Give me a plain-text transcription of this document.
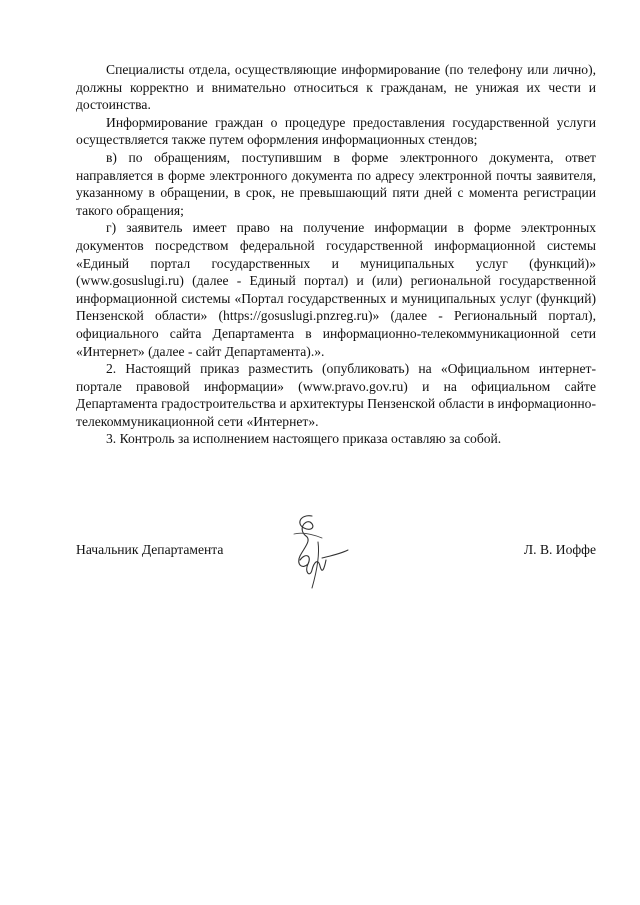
Специалисты отдела, осуществляющие информирование (по телефону или лично), должны корректно и внимательно относиться к гражданам, не унижая их чести и достоинства.

Информирование граждан о процедуре предоставления государственной услуги осуществляется также путем оформления информационных стендов;

в) по обращениям, поступившим в форме электронного документа, ответ направляется в форме электронного документа по адресу электронной почты заявителя, указанному в обращении, в срок, не превышающий пяти дней с момента регистрации такого обращения;

г) заявитель имеет право на получение информации в форме электронных документов посредством федеральной государственной информационной системы «Единый портал государственных и муниципальных услуг (функций)» (www.gosuslugi.ru) (далее - Единый портал) и (или) региональной государственной информационной системы «Портал государственных и муниципальных услуг (функций) Пензенской области» (https://gosuslugi.pnzreg.ru)» (далее - Региональный портал), официального сайта Департамента в информационно-телекоммуникационной сети «Интернет» (далее - сайт Департамента).».

2. Настоящий приказ разместить (опубликовать) на «Официальном интернет-портале правовой информации» (www.pravo.gov.ru) и на официальном сайте Департамента градостроительства и архитектуры Пензенской области в информационно-телекоммуникационной сети «Интернет».

3. Контроль за исполнением настоящего приказа оставляю за собой.

Начальник Департамента	Л. В. Иоффе
